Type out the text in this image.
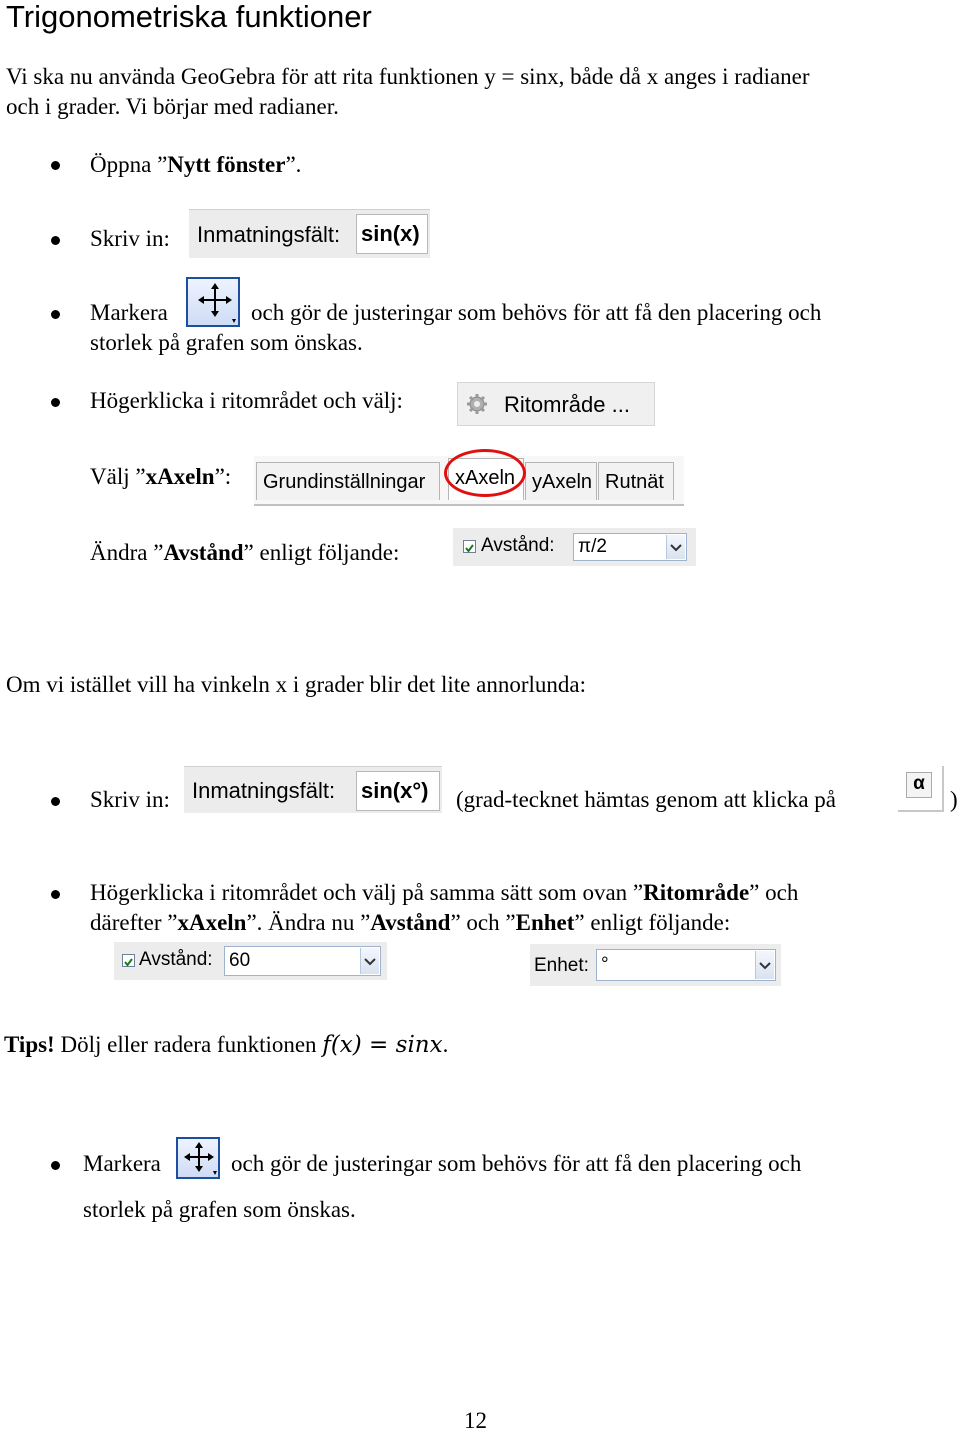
Trigonometriska funktioner
Vi ska nu använda GeoGebra för att rita funktionen y = sinx, både då x anges i radianer
och i grader. Vi börjar med radianer.
Öppna ”Nytt fönster”.
Skriv in: Inmatningsfält: sin(x)
Markera	och gör de justeringar som behövs för att få den placering och
storlek på grafen som önskas.
Högerklicka i ritområdet och välj:	Ritområde ...
Välj ”xAxeln”:	Grundinställningar	xAxeln yAxeln Rutnät
Ändra ”Avstånd” enligt följande:	Avstånd: π/2
Om vi istället vill ha vinkeln x i grader blir det lite annorlunda:
Skriv in: Inmatningsfält: sin(x°)	(grad-tecknet hämtas genom att klicka på
α
)
Högerklicka i ritområdet och välj på samma sätt som ovan ”Ritområde” och
därefter ”xAxeln”. Ändra nu ”Avstånd” och ”Enhet” enligt följande:
Avstånd: 60	Enhet: °
Tips! Dölj eller radera funktionen f(x) = sinx.
Markera	och gör de justeringar som behövs för att få den placering och
storlek på grafen som önskas.
12
